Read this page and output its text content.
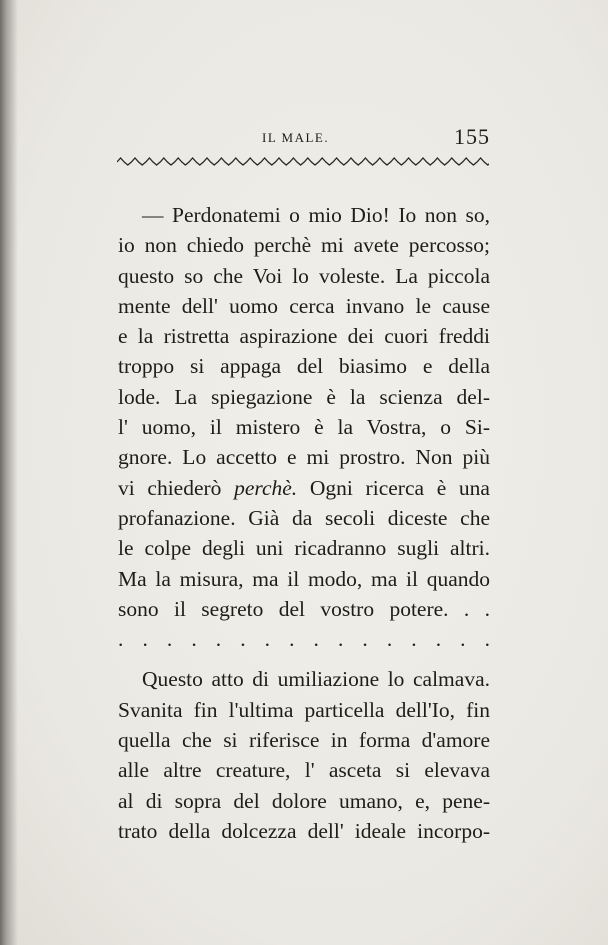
IL MALE.	155
— Perdonatemi o mio Dio! Io non so,
io non chiedo perchè mi avete percosso;
questo so che Voi lo voleste. La piccola
mente dell' uomo cerca invano le cause
e la ristretta aspirazione dei cuori freddi
troppo si appaga del biasimo e della
lode. La spiegazione è la scienza del-
l' uomo, il mistero è la Vostra, o Si-
gnore. Lo accetto e mi prostro. Non più
vi chiederò perchè. Ogni ricerca è una
profanazione. Già da secoli diceste che
le colpe degli uni ricadranno sugli altri.
Ma la misura, ma il modo, ma il quando
sono il segreto del vostro potere. . .
. . . . . . . . . . . . . . . .
Questo atto di umiliazione lo calmava.
Svanita fin l'ultima particella dell'Io, fin
quella che si riferisce in forma d'amore
alle altre creature, l' asceta si elevava
al di sopra del dolore umano, e, pene-
trato della dolcezza dell' ideale incorpo-
